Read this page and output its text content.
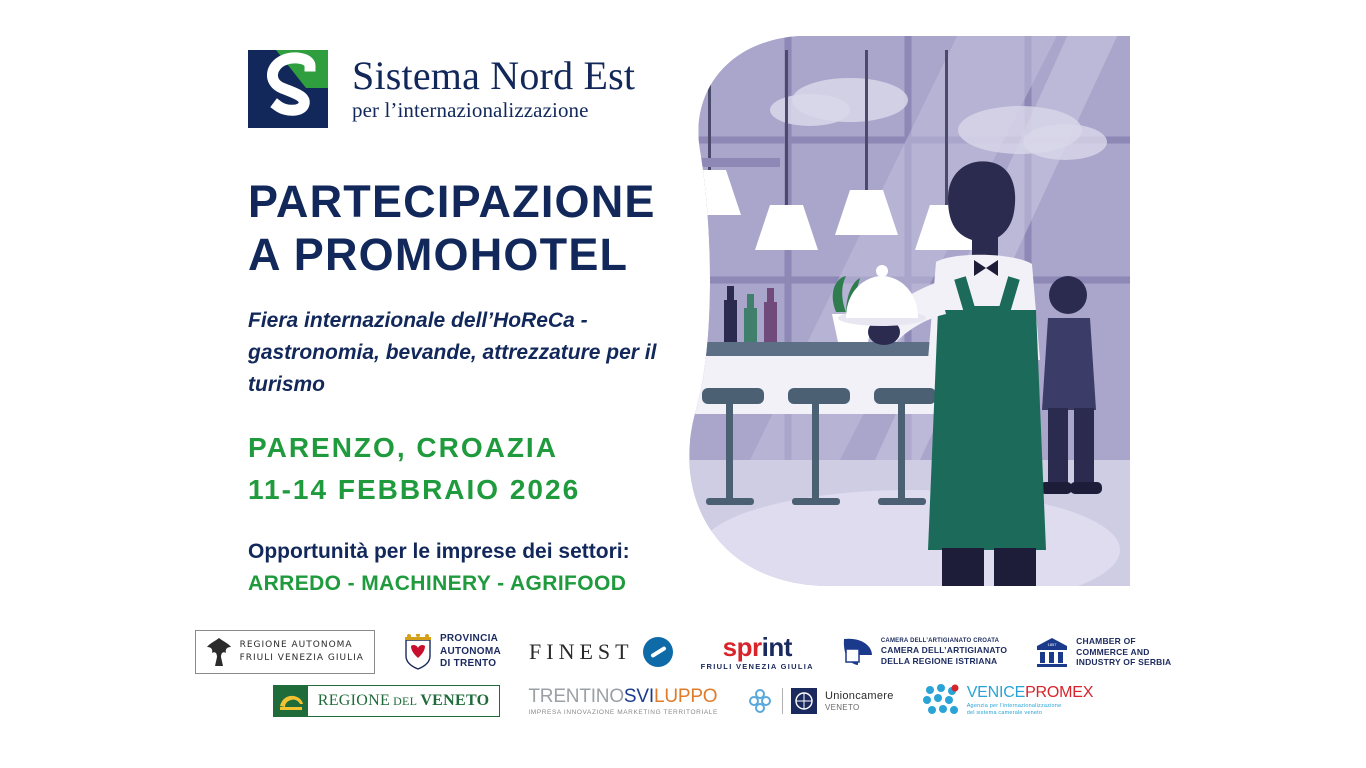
Sistema Nord Est
per l’internazionalizzazione
PARTECIPAZIONE
A PROMOHOTEL
Fiera internazionale dell’HoReCa - gastronomia, bevande, attrezzature per il turismo
PARENZO, CROAZIA
11-14 FEBBRAIO 2026
Opportunità per le imprese dei settori:
ARREDO - MACHINERY - AGRIFOOD
REGIONE AUTONOMA
FRIULI VENEZIA GIULIA
PROVINCIA
AUTONOMA
DI TRENTO FINEST	sprint
FRIULI VENEZIA GIULIA
CAMERA DELL’ARTIGIANATO CROATA
CAMERA DELL’ARTIGIANATO
DELLA REGIONE ISTRIANA
1857 CHAMBER OF
COMMERCE AND
INDUSTRY OF SERBIA
REGIONE DEL VENETO TRENTINOSVILUPPO
IMPRESA INNOVAZIONE MARKETING TERRITORIALE
Unioncamere
VENETO
VENICEPROMEX
Agenzia per l’internazionalizzazione
del sistema camerale veneto
